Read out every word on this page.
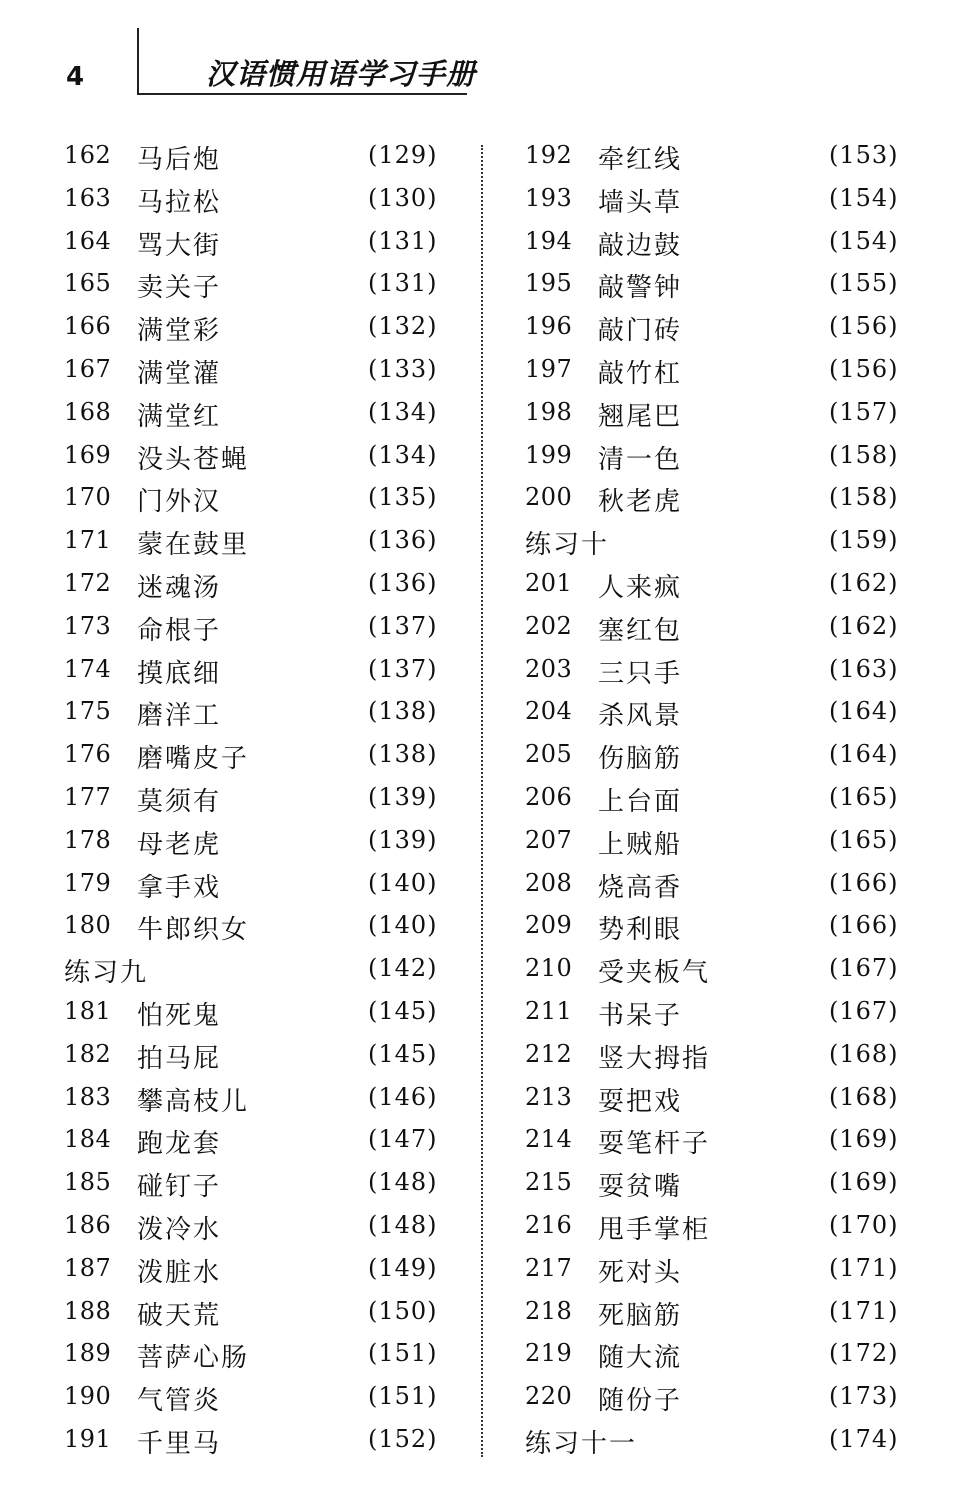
4	汉语惯用语学习手册
162 马后炮	(129)
163 马拉松	(130)
164 骂大街	(131)
165 卖关子	(131)
166 满堂彩	(132)
167 满堂灌	(133)
168 满堂红	(134)
169 没头苍蝇	(134)
170 门外汉	(135)
171 蒙在鼓里	(136)
172 迷魂汤	(136)
173 命根子	(137)
174 摸底细	(137)
175 磨洋工	(138)
176 磨嘴皮子	(138)
177 莫须有	(139)
178 母老虎	(139)
179 拿手戏	(140)
180 牛郎织女	(140)
练习九	(142)
181 怕死鬼	(145)
182 拍马屁	(145)
183 攀高枝儿	(146)
184 跑龙套	(147)
185 碰钉子	(148)
186 泼冷水	(148)
187 泼脏水	(149)
188 破天荒	(150)
189 菩萨心肠	(151)
190 气管炎	(151)
191 千里马	(152)
192 牵红线	(153)
193 墙头草	(154)
194 敲边鼓	(154)
195 敲警钟	(155)
196 敲门砖	(156)
197 敲竹杠	(156)
198 翘尾巴	(157)
199 清一色	(158)
200 秋老虎	(158)
练习十	(159)
201 人来疯	(162)
202 塞红包	(162)
203 三只手	(163)
204 杀风景	(164)
205 伤脑筋	(164)
206 上台面	(165)
207 上贼船	(165)
208 烧高香	(166)
209 势利眼	(166)
210 受夹板气	(167)
211 书呆子	(167)
212 竖大拇指	(168)
213 耍把戏	(168)
214 耍笔杆子	(169)
215 耍贫嘴	(169)
216 甩手掌柜	(170)
217 死对头	(171)
218 死脑筋	(171)
219 随大流	(172)
220 随份子	(173)
练习十一	(174)
